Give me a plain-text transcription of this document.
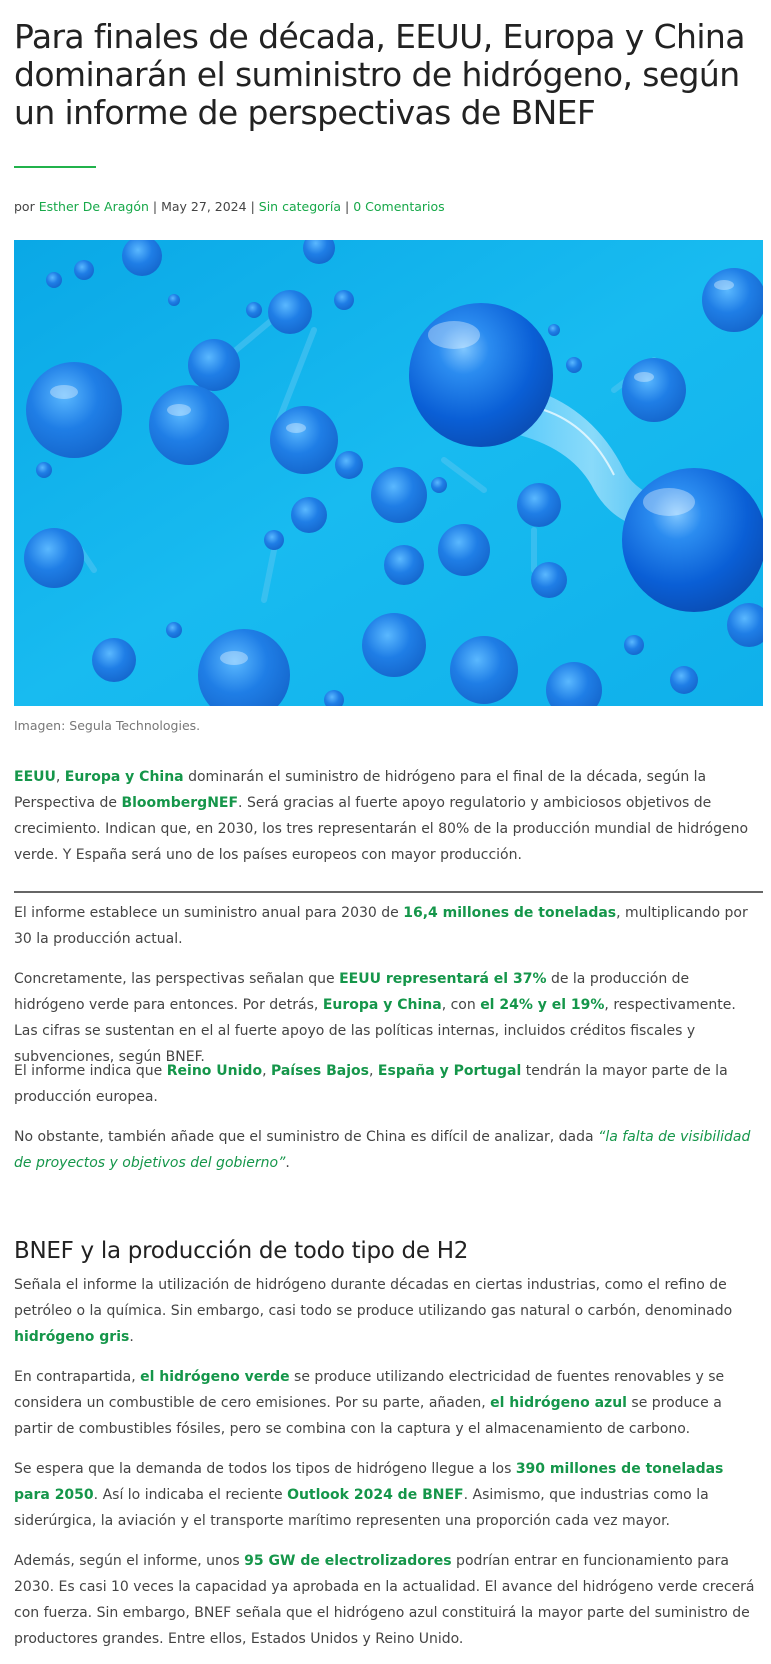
Para finales de década, EEUU, Europa y China dominarán el suministro de hidrógeno, según un informe de perspectivas de BNEF
por Esther De Aragón | May 27, 2024 | Sin categoría | 0 Comentarios
Imagen: Segula Technologies.

EEUU, Europa y China dominarán el suministro de hidrógeno para el final de la década, según la Perspectiva de BloombergNEF. Será gracias al fuerte apoyo regulatorio y ambiciosos objetivos de crecimiento. Indican que, en 2030, los tres representarán el 80% de la producción mundial de hidrógeno verde. Y España será uno de los países europeos con mayor producción.

El informe establece un suministro anual para 2030 de 16,4 millones de toneladas, multiplicando por 30 la producción actual.

Concretamente, las perspectivas señalan que EEUU representará el 37% de la producción de hidrógeno verde para entonces. Por detrás, Europa y China, con el 24% y el 19%, respectivamente. Las cifras se sustentan en el al fuerte apoyo de las políticas internas, incluidos créditos fiscales y subvenciones, según BNEF.

El informe indica que Reino Unido, Países Bajos, España y Portugal tendrán la mayor parte de la producción europea.

No obstante, también añade que el suministro de China es difícil de analizar, dada “la falta de visibilidad de proyectos y objetivos del gobierno”.

BNEF y la producción de todo tipo de H2

Señala el informe la utilización de hidrógeno durante décadas en ciertas industrias, como el refino de petróleo o la química. Sin embargo, casi todo se produce utilizando gas natural o carbón, denominado hidrógeno gris.

En contrapartida, el hidrógeno verde se produce utilizando electricidad de fuentes renovables y se considera un combustible de cero emisiones. Por su parte, añaden, el hidrógeno azul se produce a partir de combustibles fósiles, pero se combina con la captura y el almacenamiento de carbono.

Se espera que la demanda de todos los tipos de hidrógeno llegue a los 390 millones de toneladas para 2050. Así lo indicaba el reciente Outlook 2024 de BNEF. Asimismo, que industrias como la siderúrgica, la aviación y el transporte marítimo representen una proporción cada vez mayor.

Además, según el informe, unos 95 GW de electrolizadores podrían entrar en funcionamiento para 2030. Es casi 10 veces la capacidad ya aprobada en la actualidad. El avance del hidrógeno verde crecerá con fuerza. Sin embargo, BNEF señala que el hidrógeno azul constituirá la mayor parte del suministro de productores grandes. Entre ellos, Estados Unidos y Reino Unido.
